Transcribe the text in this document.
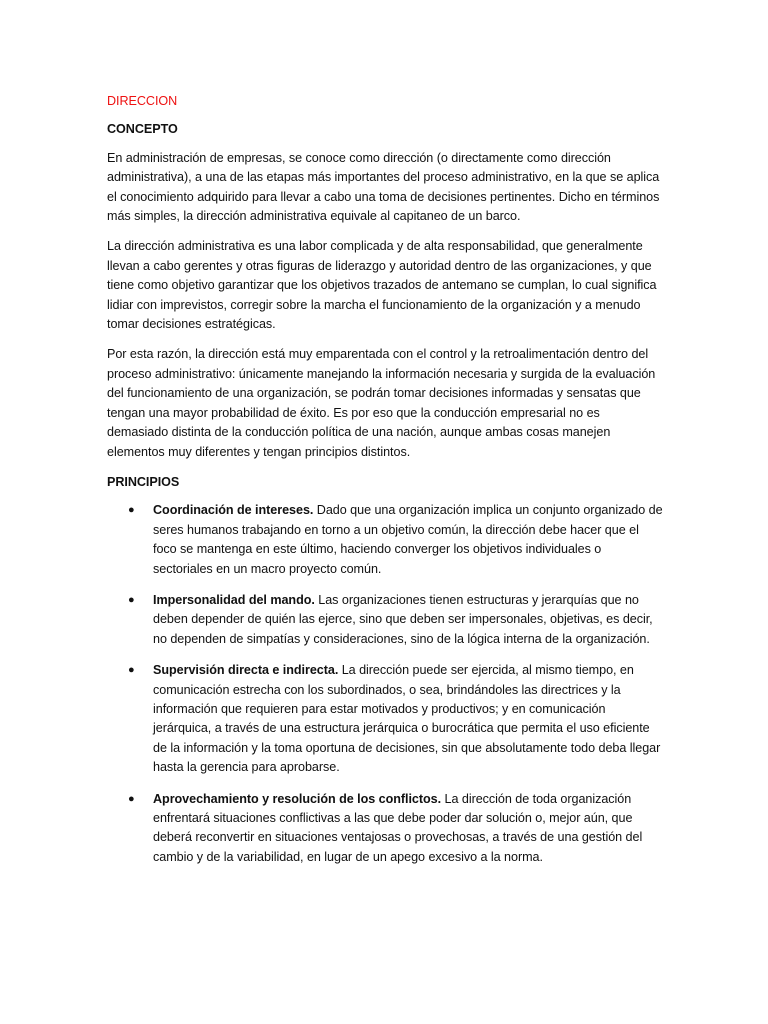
DIRECCION
CONCEPTO

En administración de empresas, se conoce como dirección (o directamente como dirección administrativa), a una de las etapas más importantes del proceso administrativo, en la que se aplica el conocimiento adquirido para llevar a cabo una toma de decisiones pertinentes. Dicho en términos más simples, la dirección administrativa equivale al capitaneo de un barco.

La dirección administrativa es una labor complicada y de alta responsabilidad, que generalmente llevan a cabo gerentes y otras figuras de liderazgo y autoridad dentro de las organizaciones, y que tiene como objetivo garantizar que los objetivos trazados de antemano se cumplan, lo cual significa lidiar con imprevistos, corregir sobre la marcha el funcionamiento de la organización y a menudo tomar decisiones estratégicas.

Por esta razón, la dirección está muy emparentada con el control y la retroalimentación dentro del proceso administrativo: únicamente manejando la información necesaria y surgida de la evaluación del funcionamiento de una organización, se podrán tomar decisiones informadas y sensatas que tengan una mayor probabilidad de éxito. Es por eso que la conducción empresarial no es demasiado distinta de la conducción política de una nación, aunque ambas cosas manejen elementos muy diferentes y tengan principios distintos.

PRINCIPIOS
● Coordinación de intereses. Dado que una organización implica un conjunto organizado de seres humanos trabajando en torno a un objetivo común, la dirección debe hacer que el foco se mantenga en este último, haciendo converger los objetivos individuales o sectoriales en un macro proyecto común.
● Impersonalidad del mando. Las organizaciones tienen estructuras y jerarquías que no deben depender de quién las ejerce, sino que deben ser impersonales, objetivas, es decir, no dependen de simpatías y consideraciones, sino de la lógica interna de la organización.
● Supervisión directa e indirecta. La dirección puede ser ejercida, al mismo tiempo, en comunicación estrecha con los subordinados, o sea, brindándoles las directrices y la información que requieren para estar motivados y productivos; y en comunicación jerárquica, a través de una estructura jerárquica o burocrática que permita el uso eficiente de la información y la toma oportuna de decisiones, sin que absolutamente todo deba llegar hasta la gerencia para aprobarse.
● Aprovechamiento y resolución de los conflictos. La dirección de toda organización enfrentará situaciones conflictivas a las que debe poder dar solución o, mejor aún, que deberá reconvertir en situaciones ventajosas o provechosas, a través de una gestión del cambio y de la variabilidad, en lugar de un apego excesivo a la norma.
